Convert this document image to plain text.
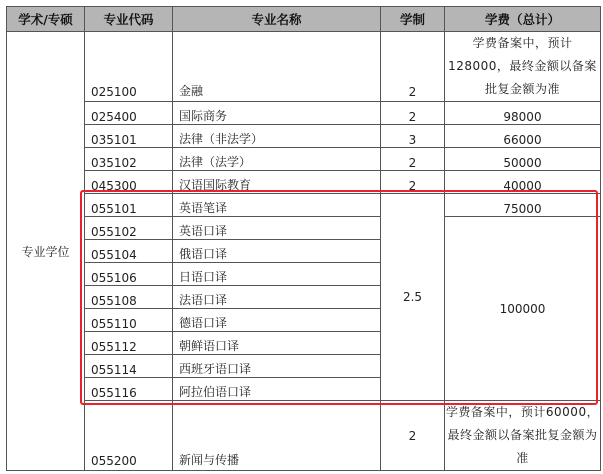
学术/专硕	专业代码	专业名称	学制	学费（总计）
专业学位	025100	金融	2	学费备案中，预计128000，最终金额以备案批复金额为准
	025400	国际商务	2	98000
	035101	法律（非法学）	3	66000
	035102	法律（法学）	2	50000
	045300	汉语国际教育	2	40000
	055101	英语笔译	2.5	75000
	055102	英语口译		100000
	055104	俄语口译		
	055106	日语口译		
	055108	法语口译		
	055110	德语口译		
	055112	朝鲜语口译		
	055114	西班牙语口译		
	055116	阿拉伯语口译		
	055200	新闻与传播	2	学费备案中，预计60000，最终金额以备案批复金额为准
